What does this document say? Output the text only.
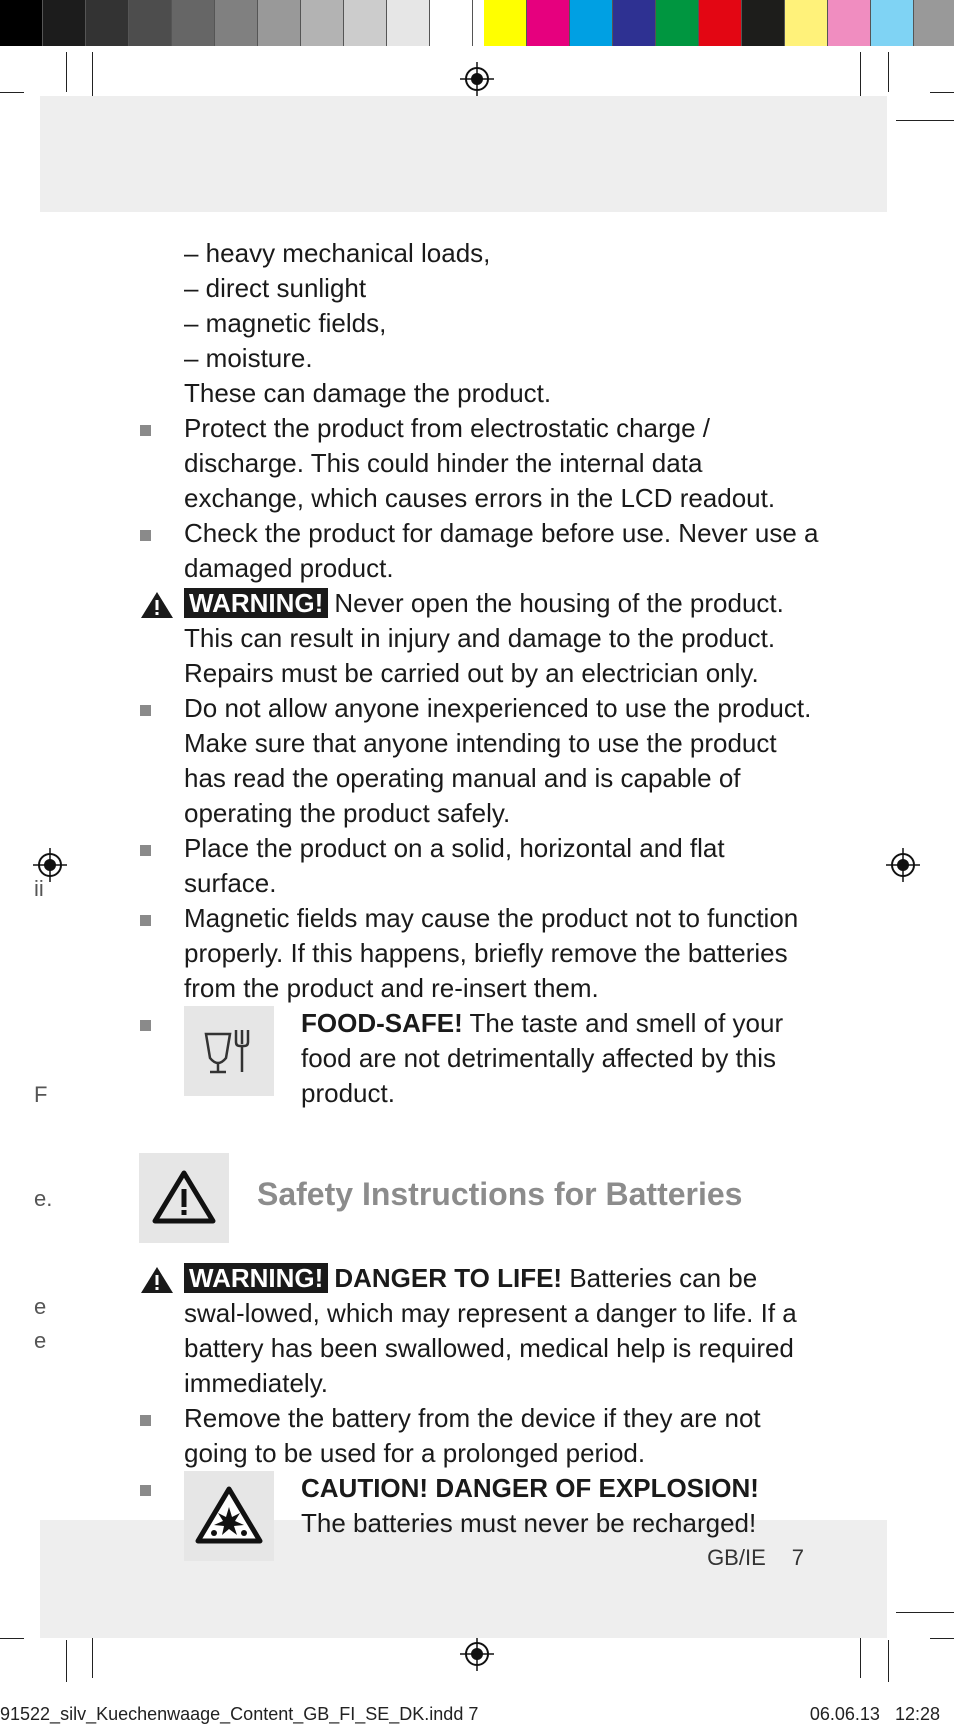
ii
F
e.
e
e
– heavy mechanical loads,
– direct sunlight
– magnetic fields,
– moisture.
These can damage the product.
Protect the product from electrostatic charge / discharge. This could hinder the internal data exchange, which causes errors in the LCD readout.
Check the product for damage before use. Never use a damaged product.
WARNING! Never open the housing of the product. This can result in injury and damage to the product. Repairs must be carried out by an electrician only.
Do not allow anyone inexperienced to use the product. Make sure that anyone intending to use the product has read the operating manual and is capable of operating the product safely.
Place the product on a solid, horizontal and flat surface.
Magnetic fields may cause the product not to function properly. If this happens, briefly remove the batteries from the product and re-insert them.
FOOD-SAFE! The taste and smell of your food are not detrimentally affected by this product.
Safety Instructions for Batteries
WARNING! DANGER TO LIFE! Batteries can be swal-lowed, which may represent a danger to life. If a battery has been swallowed, medical help is required immediately.
Remove the battery from the device if they are not going to be used for a prolonged period.
CAUTION! DANGER OF EXPLOSION!
The batteries must never be recharged!
GB/IE 7
91522_silv_Kuechenwaage_Content_GB_FI_SE_DK.indd 7	06.06.13   12:28
